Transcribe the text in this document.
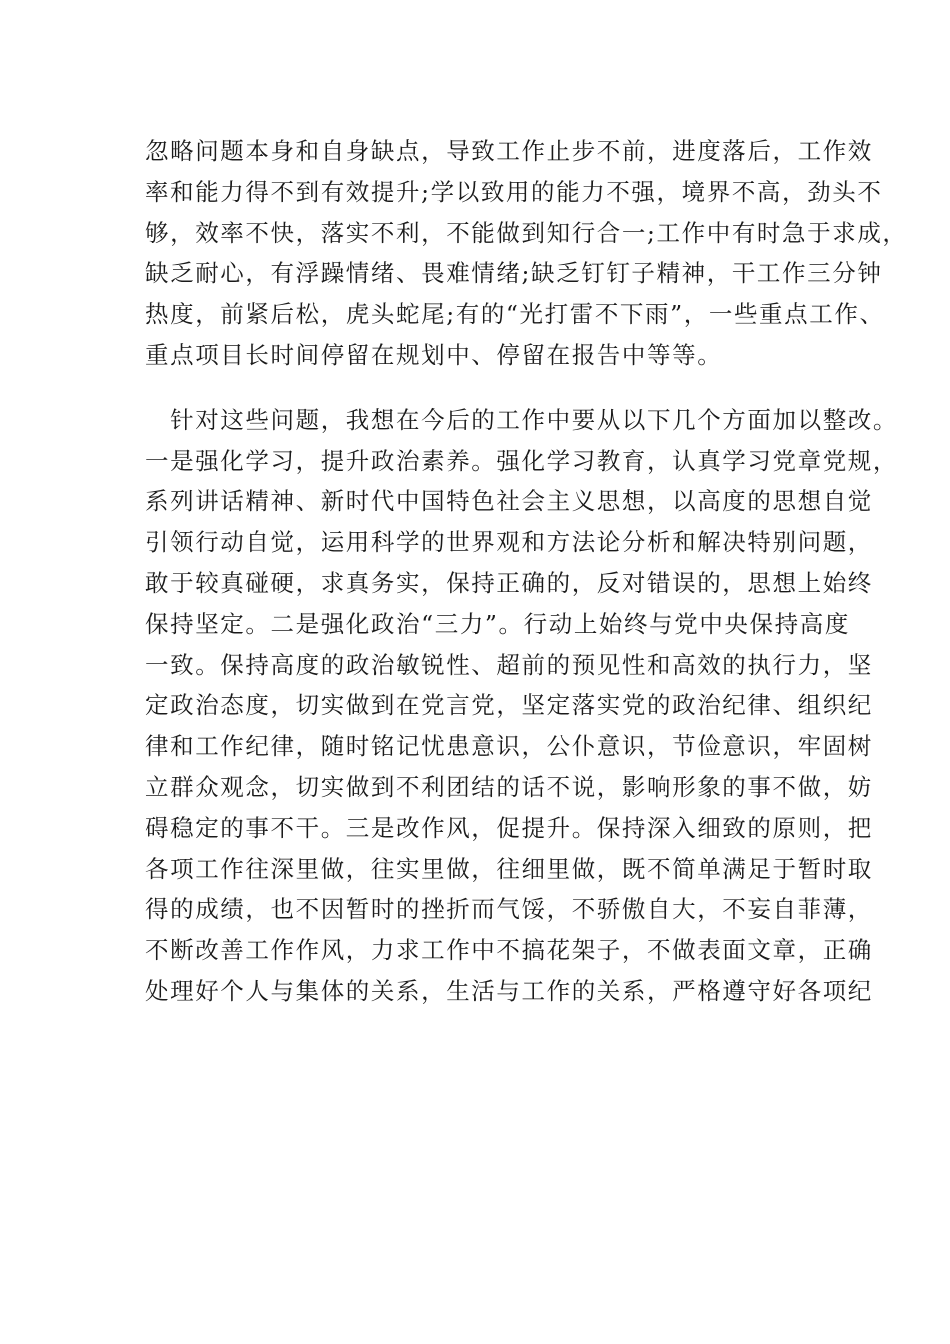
忽略问题本身和自身缺点，导致工作止步不前，进度落后，工作效
率和能力得不到有效提升;学以致用的能力不强，境界不高，劲头不
够，效率不快，落实不利，不能做到知行合一;工作中有时急于求成，
缺乏耐心，有浮躁情绪、畏难情绪;缺乏钉钉子精神，干工作三分钟
热度，前紧后松，虎头蛇尾;有的“光打雷不下雨”，一些重点工作、
重点项目长时间停留在规划中、停留在报告中等等。
　针对这些问题，我想在今后的工作中要从以下几个方面加以整改。
一是强化学习，提升政治素养。强化学习教育，认真学习党章党规，
系列讲话精神、新时代中国特色社会主义思想，以高度的思想自觉
引领行动自觉，运用科学的世界观和方法论分析和解决特别问题，
敢于较真碰硬，求真务实，保持正确的，反对错误的，思想上始终
保持坚定。二是强化政治“三力”。行动上始终与党中央保持高度
一致。保持高度的政治敏锐性、超前的预见性和高效的执行力，坚
定政治态度，切实做到在党言党，坚定落实党的政治纪律、组织纪
律和工作纪律，随时铭记忧患意识，公仆意识，节俭意识，牢固树
立群众观念，切实做到不利团结的话不说，影响形象的事不做，妨
碍稳定的事不干。三是改作风，促提升。保持深入细致的原则，把
各项工作往深里做，往实里做，往细里做，既不简单满足于暂时取
得的成绩，也不因暂时的挫折而气馁，不骄傲自大，不妄自菲薄，
不断改善工作作风，力求工作中不搞花架子，不做表面文章，正确
处理好个人与集体的关系，生活与工作的关系，严格遵守好各项纪
